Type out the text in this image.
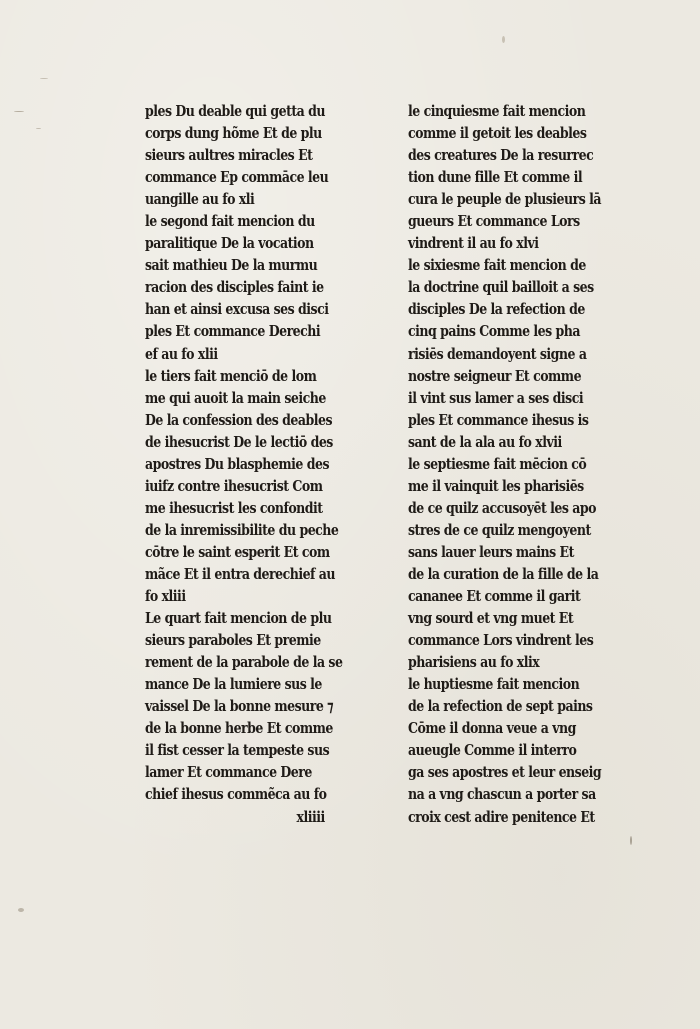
ples Du deable qui getta du
corps dung hõme Et de plu
sieurs aultres miracles Et
commance Ep commāce leu
uangille au fo xli
le segond fait mencion du
paralitique De la vocation
sait mathieu De la murmu
racion des disciples faint ie
han et ainsi excusa ses disci
ples Et commance Derechi
ef au fo xlii
le tiers fait menciō de lom
me qui auoit la main seiche
De la confession des deables
de ihesucrist De le lectiō des
apostres Du blasphemie des
iuifz contre ihesucrist Com
me ihesucrist les confondit
de la inremissibilite du peche
cōtre le saint esperit Et com
mãce Et il entra derechief au
fo xliii
Le quart fait mencion de plu
sieurs paraboles Et premie
rement de la parabole de la se
mance De la lumiere sus le
vaissel De la bonne mesure ⁊
de la bonne herbe Et comme
il fist cesser la tempeste sus
lamer Et commance Dere
chief ihesus commẽca au fo
xliiii
le cinquiesme fait mencion
comme il getoit les deables
des creatures De la resurrec
tion dune fille Et comme il
cura le peuple de plusieurs lā
gueurs Et commance Lors
vindrent il au fo xlvi
le sixiesme fait mencion de
la doctrine quil bailloit a ses
disciples De la refection de
cinq pains Comme les pha
risiēs demandoyent signe a
nostre seigneur Et comme
il vint sus lamer a ses disci
ples Et commance ihesus is
sant de la ala au fo xlvii
le septiesme fait mēcion cō
me il vainquit les pharisiēs
de ce quilz accusoyēt les apo
stres de ce quilz mengoyent
sans lauer leurs mains Et
de la curation de la fille de la
cananee Et comme il garit
vng sourd et vng muet Et
commance Lors vindrent les
pharisiens au fo xlix
le huptiesme fait mencion
de la refection de sept pains
Cōme il donna veue a vng
aueugle Comme il interro
ga ses apostres et leur enseig
na a vng chascun a porter sa
croix cest adire penitence Et
